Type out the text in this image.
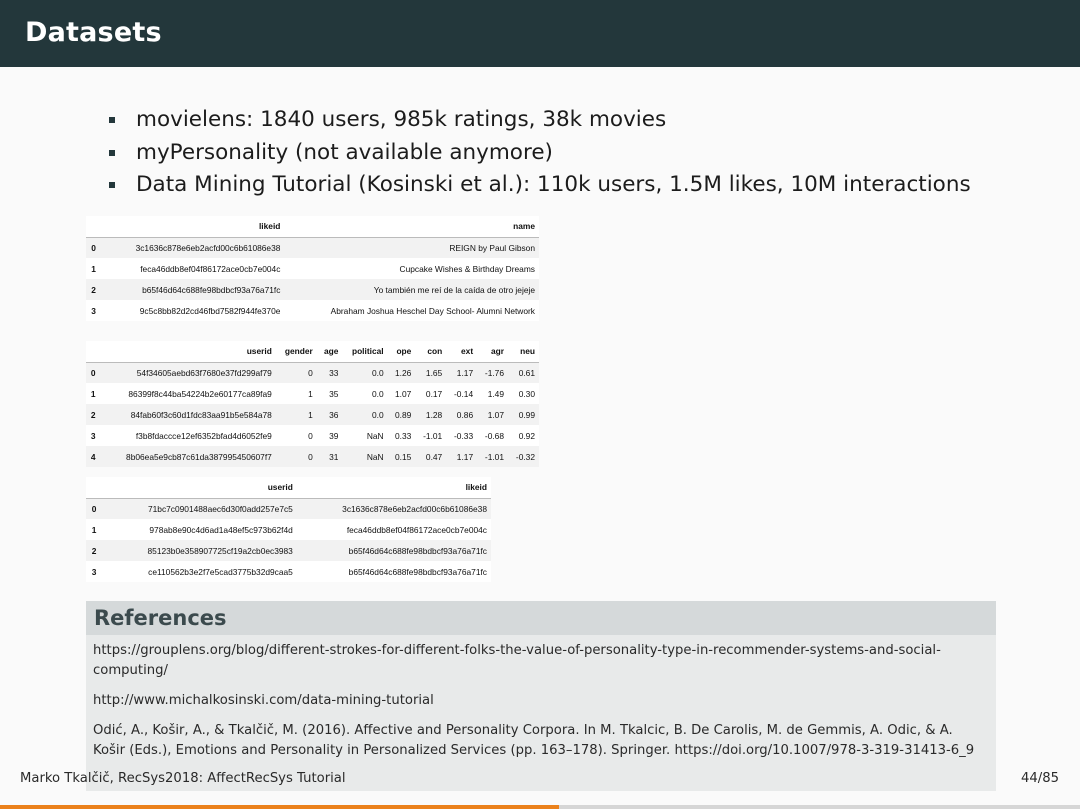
Datasets
movielens: 1840 users, 985k ratings, 38k movies
myPersonality (not available anymore)
Data Mining Tutorial (Kosinski et al.): 110k users, 1.5M likes, 10M interactions
	likeid	name
0	3c1636c878e6eb2acfd00c6b61086e38	REIGN by Paul Gibson
1	feca46ddb8ef04f86172ace0cb7e004c	Cupcake Wishes & Birthday Dreams
2	b65f46d64c688fe98bdbcf93a76a71fc	Yo también me reí de la caída de otro jejeje
3	9c5c8bb82d2cd46fbd7582f944fe370e	Abraham Joshua Heschel Day School- Alumni Network
	userid	gender	age	political	ope	con	ext	agr	neu
0	54f34605aebd63f7680e37fd299af79	0	33	0.0	1.26	1.65	1.17	-1.76	0.61
1	86399f8c44ba54224b2e60177ca89fa9	1	35	0.0	1.07	0.17	-0.14	1.49	0.30
2	84fab60f3c60d1fdc83aa91b5e584a78	1	36	0.0	0.89	1.28	0.86	1.07	0.99
3	f3b8fdaccce12ef6352bfad4d6052fe9	0	39	NaN	0.33	-1.01	-0.33	-0.68	0.92
4	8b06ea5e9cb87c61da387995450607f7	0	31	NaN	0.15	0.47	1.17	-1.01	-0.32
	userid	likeid
0	71bc7c0901488aec6d30f0add257e7c5	3c1636c878e6eb2acfd00c6b61086e38
1	978ab8e90c4d6ad1a48ef5c973b62f4d	feca46ddb8ef04f86172ace0cb7e004c
2	85123b0e358907725cf19a2cb0ec3983	b65f46d64c688fe98bdbcf93a76a71fc
3	ce110562b3e2f7e5cad3775b32d9caa5	b65f46d64c688fe98bdbcf93a76a71fc
References

https://grouplens.org/blog/different-strokes-for-different-folks-the-value-of-personality-type-in-recommender-systems-and-social-computing/

http://www.michalkosinski.com/data-mining-tutorial

Odić, A., Košir, A., & Tkalčič, M. (2016). Affective and Personality Corpora. In M. Tkalcic, B. De Carolis, M. de Gemmis, A. Odic, & A. Košir (Eds.), Emotions and Personality in Personalized Services (pp. 163–178). Springer. https://doi.org/10.1007/978-3-319-31413-6_9

Marko Tkalčič, RecSys2018: AffectRecSys Tutorial	44/85
